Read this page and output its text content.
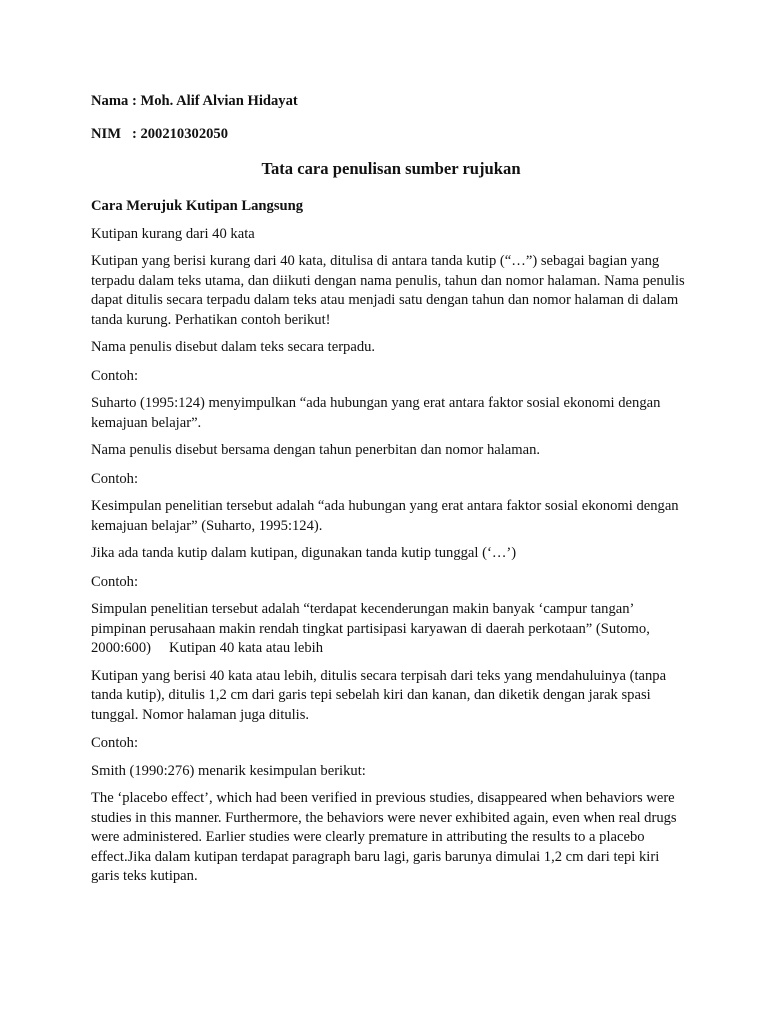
Nama : Moh. Alif Alvian Hidayat

NIM   : 200210302050

Tata cara penulisan sumber rujukan
Cara Merujuk Kutipan Langsung

Kutipan kurang dari 40 kata

Kutipan yang berisi kurang dari 40 kata, ditulisa di antara tanda kutip (“…”) sebagai bagian yang terpadu dalam teks utama, dan diikuti dengan nama penulis, tahun dan nomor halaman. Nama penulis dapat ditulis secara terpadu dalam teks atau menjadi satu dengan tahun dan nomor halaman di dalam tanda kurung. Perhatikan contoh berikut!

Nama penulis disebut dalam teks secara terpadu.

Contoh:

Suharto (1995:124) menyimpulkan “ada hubungan yang erat antara faktor sosial ekonomi dengan kemajuan belajar”.

Nama penulis disebut bersama dengan tahun penerbitan dan nomor halaman.

Contoh:

Kesimpulan penelitian tersebut adalah “ada hubungan yang erat antara faktor sosial ekonomi dengan kemajuan belajar” (Suharto, 1995:124).

Jika ada tanda kutip dalam kutipan, digunakan tanda kutip tunggal (‘…’)

Contoh:

Simpulan penelitian tersebut adalah “terdapat kecenderungan makin banyak ‘campur tangan’ pimpinan perusahaan makin rendah tingkat partisipasi karyawan di daerah perkotaan” (Sutomo, 2000:600) Kutipan 40 kata atau lebih

Kutipan yang berisi 40 kata atau lebih, ditulis secara terpisah dari teks yang mendahuluinya (tanpa tanda kutip), ditulis 1,2 cm dari garis tepi sebelah kiri dan kanan, dan diketik dengan jarak spasi tunggal. Nomor halaman juga ditulis.

Contoh:

Smith (1990:276) menarik kesimpulan berikut:

The ‘placebo effect’, which had been verified in previous studies, disappeared when behaviors were studies in this manner. Furthermore, the behaviors were never exhibited again, even when real drugs were administered. Earlier studies were clearly premature in attributing the results to a placebo effect.Jika dalam kutipan terdapat paragraph baru lagi, garis barunya dimulai 1,2 cm dari tepi kiri garis teks kutipan.
